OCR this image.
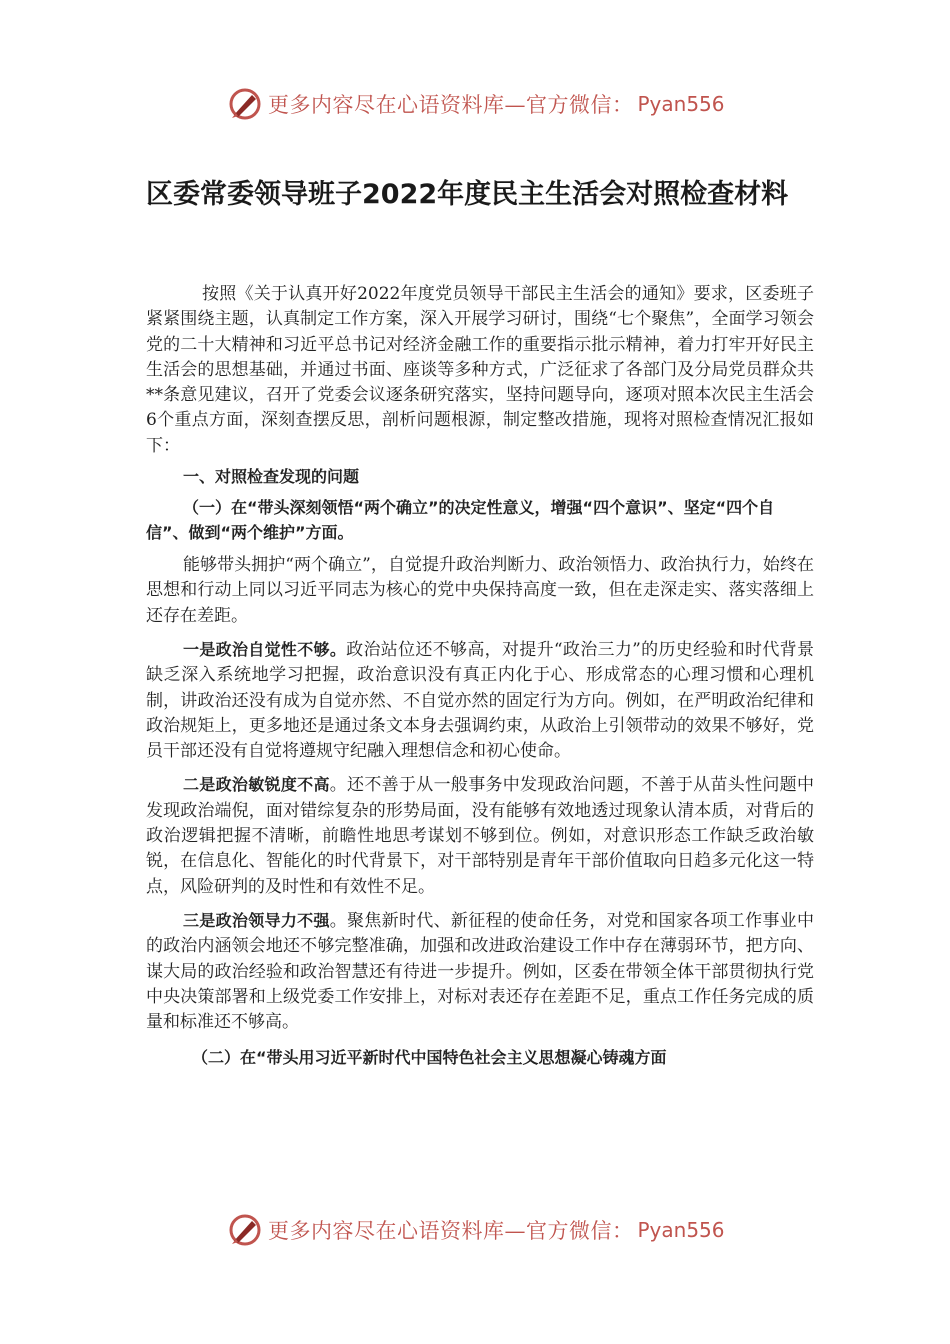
更多内容尽在心语资料库—官方微信： Pyan556
区委常委领导班子2022年度民主生活会对照检查材料

按照《关于认真开好2022年度党员领导干部民主生活会的通知》要求，区委班子紧紧围绕主题，认真制定工作方案，深入开展学习研讨，围绕“七个聚焦”，全面学习领会党的二十大精神和习近平总书记对经济金融工作的重要指示批示精神，着力打牢开好民主生活会的思想基础，并通过书面、座谈等多种方式，广泛征求了各部门及分局党员群众共**条意见建议，召开了党委会议逐条研究落实，坚持问题导向，逐项对照本次民主生活会6个重点方面，深刻查摆反思，剖析问题根源，制定整改措施，现将对照检查情况汇报如下：

一、对照检查发现的问题

（一）在“带头深刻领悟“两个确立”的决定性意义，增强“四个意识”、坚定“四个自信”、做到“两个维护”方面。

能够带头拥护“两个确立”，自觉提升政治判断力、政治领悟力、政治执行力，始终在思想和行动上同以习近平同志为核心的党中央保持高度一致，但在走深走实、落实落细上还存在差距。

一是政治自觉性不够。政治站位还不够高，对提升“政治三力”的历史经验和时代背景缺乏深入系统地学习把握，政治意识没有真正内化于心、形成常态的心理习惯和心理机制，讲政治还没有成为自觉亦然、不自觉亦然的固定行为方向。例如，在严明政治纪律和政治规矩上，更多地还是通过条文本身去强调约束，从政治上引领带动的效果不够好，党员干部还没有自觉将遵规守纪融入理想信念和初心使命。

二是政治敏锐度不高。还不善于从一般事务中发现政治问题，不善于从苗头性问题中发现政治端倪，面对错综复杂的形势局面，没有能够有效地透过现象认清本质，对背后的政治逻辑把握不清晰，前瞻性地思考谋划不够到位。例如，对意识形态工作缺乏政治敏锐，在信息化、智能化的时代背景下，对干部特别是青年干部价值取向日趋多元化这一特点，风险研判的及时性和有效性不足。

三是政治领导力不强。聚焦新时代、新征程的使命任务，对党和国家各项工作事业中的政治内涵领会地还不够完整准确，加强和改进政治建设工作中存在薄弱环节，把方向、谋大局的政治经验和政治智慧还有待进一步提升。例如，区委在带领全体干部贯彻执行党中央决策部署和上级党委工作安排上，对标对表还存在差距不足，重点工作任务完成的质量和标准还不够高。

（二）在“带头用习近平新时代中国特色社会主义思想凝心铸魂方面

更多内容尽在心语资料库—官方微信： Pyan556
